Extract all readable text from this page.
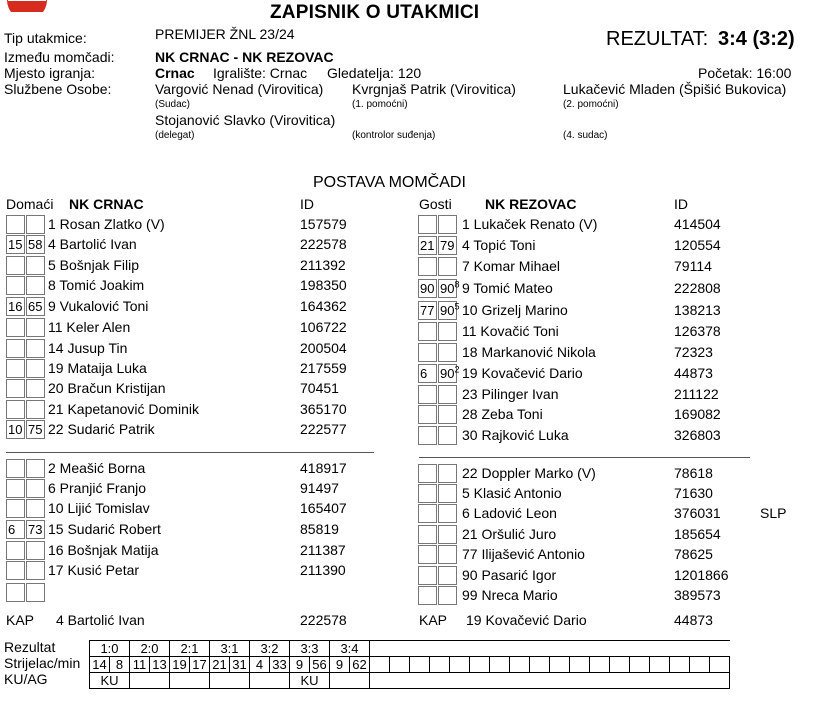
ZAPISNIK O UTAKMICI
Tip utakmice:	PREMIJER ŽNL 23/24	REZULTAT: 3:4 (3:2)
Između momčadi:	NK CRNAC - NK REZOVAC
Mjesto igranja:	Crnac Igralište: Crnac Gledatelja: 120	Početak: 16:00
Službene Osobe:	Vargović Nenad (Virovitica)
(Sudac)
Kvrgnjaš Patrik (Virovitica)
(1. pomoćni)
Lukačević Mladen (Špišić Bukovica)
(2. pomoćni)
Stojanović Slavko (Virovitica)
(delegat)	(kontrolor suđenja)	(4. sudac)
POSTAVA MOMČADI
Domaći NK CRNAC	ID	Gosti NK REZOVAC	ID
1 Rosan Zlatko (V)	157579
15 58 4 Bartolić Ivan	222578
5 Bošnjak Filip	211392
8 Tomić Joakim	198350
16 65 9 Vukalović Toni	164362
11 Keler Alen	106722
14 Jusup Tin	200504
19 Mataija Luka	217559
20 Bračun Kristijan	70451
21 Kapetanović Dominik	365170
10 75 22 Sudarić Patrik	222577
2 Meašić Borna	418917
6 Pranjić Franjo	91497
10 Lijić Tomislav	165407
6 73 15 Sudarić Robert	85819
16 Bošnjak Matija	211387
17 Kusić Petar	211390
1 Lukaček Renato (V)	414504
21 79 4 Topić Toni	120554
7 Komar Mihael	79114
90 $90^8$ 9 Tomić Mateo	222808
77 $90^5$ 10 Grizelj Marino	138213
11 Kovačić Toni	126378
18 Markanović Nikola	72323
6 $90^2$ 19 Kovačević Dario	44873
23 Pilinger Ivan	211122
28 Zeba Toni	169082
30 Rajković Luka	326803
22 Doppler Marko (V)	78618
5 Klasić Antonio	71630
6 Ladović Leon	376031	SLP
21 Oršulić Juro	185654
77 Ilijašević Antonio	78625
90 Pasarić Igor	1201866
99 Nreca Mario	389573
KAP 4 Bartolić Ivan	222578	KAP 19 Kovačević Dario	44873
Rezultat
Strijelac/min
KU/AG
1:0		2:0		2:1		3:1		3:2		3:3		3:4																			
14	8	11	13	19	17	21	31	4	33	9	56	9	62																		
KU										KU																					
